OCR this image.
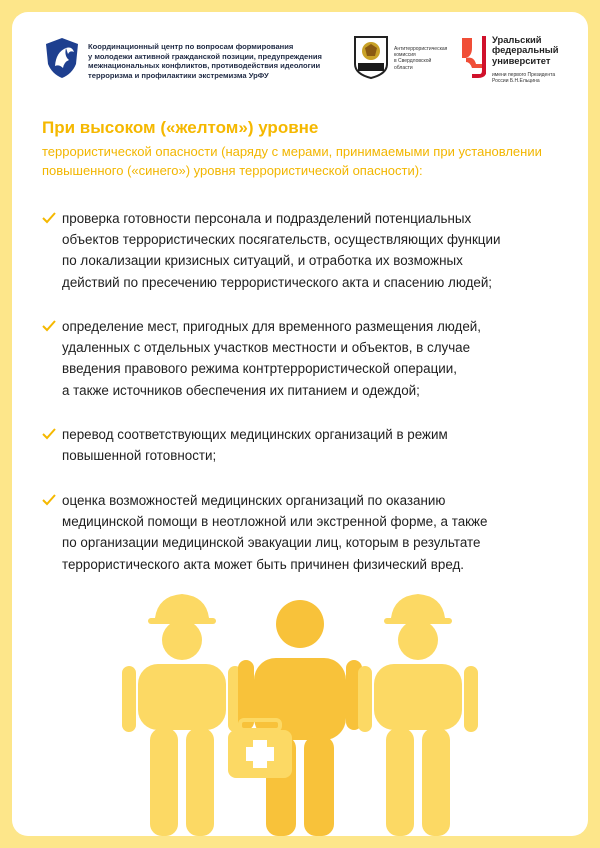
Координационный центр по вопросам формирования
у молодежи активной гражданской позиции, предупреждения
межнациональных конфликтов, противодействия идеологии
терроризма и профилактики экстремизма УрФУ
Антитеррористическая
комиссия
в Свердловской
области
Уральский
федеральный
университет
имени первого Президента
России Б.Н.Ельцина
При высоком («желтом») уровне
террористической опасности (наряду с мерами, принимаемыми при установлении
повышенного («синего») уровня террористической опасности):
проверка готовности персонала и подразделений потенциальных
объектов террористических посягательств, осуществляющих функции
по локализации кризисных ситуаций, и отработка их возможных
действий по пресечению террористического акта и спасению людей;
определение мест, пригодных для временного размещения людей,
удаленных с отдельных участков местности и объектов, в случае
введения правового режима контртеррористической операции,
а также источников обеспечения их питанием и одеждой;
перевод соответствующих медицинских организаций в режим
повышенной готовности;
оценка возможностей медицинских организаций по оказанию
медицинской помощи в неотложной или экстренной форме, а также
по организации медицинской эвакуации лиц, которым в результате
террористического акта может быть причинен физический вред.
